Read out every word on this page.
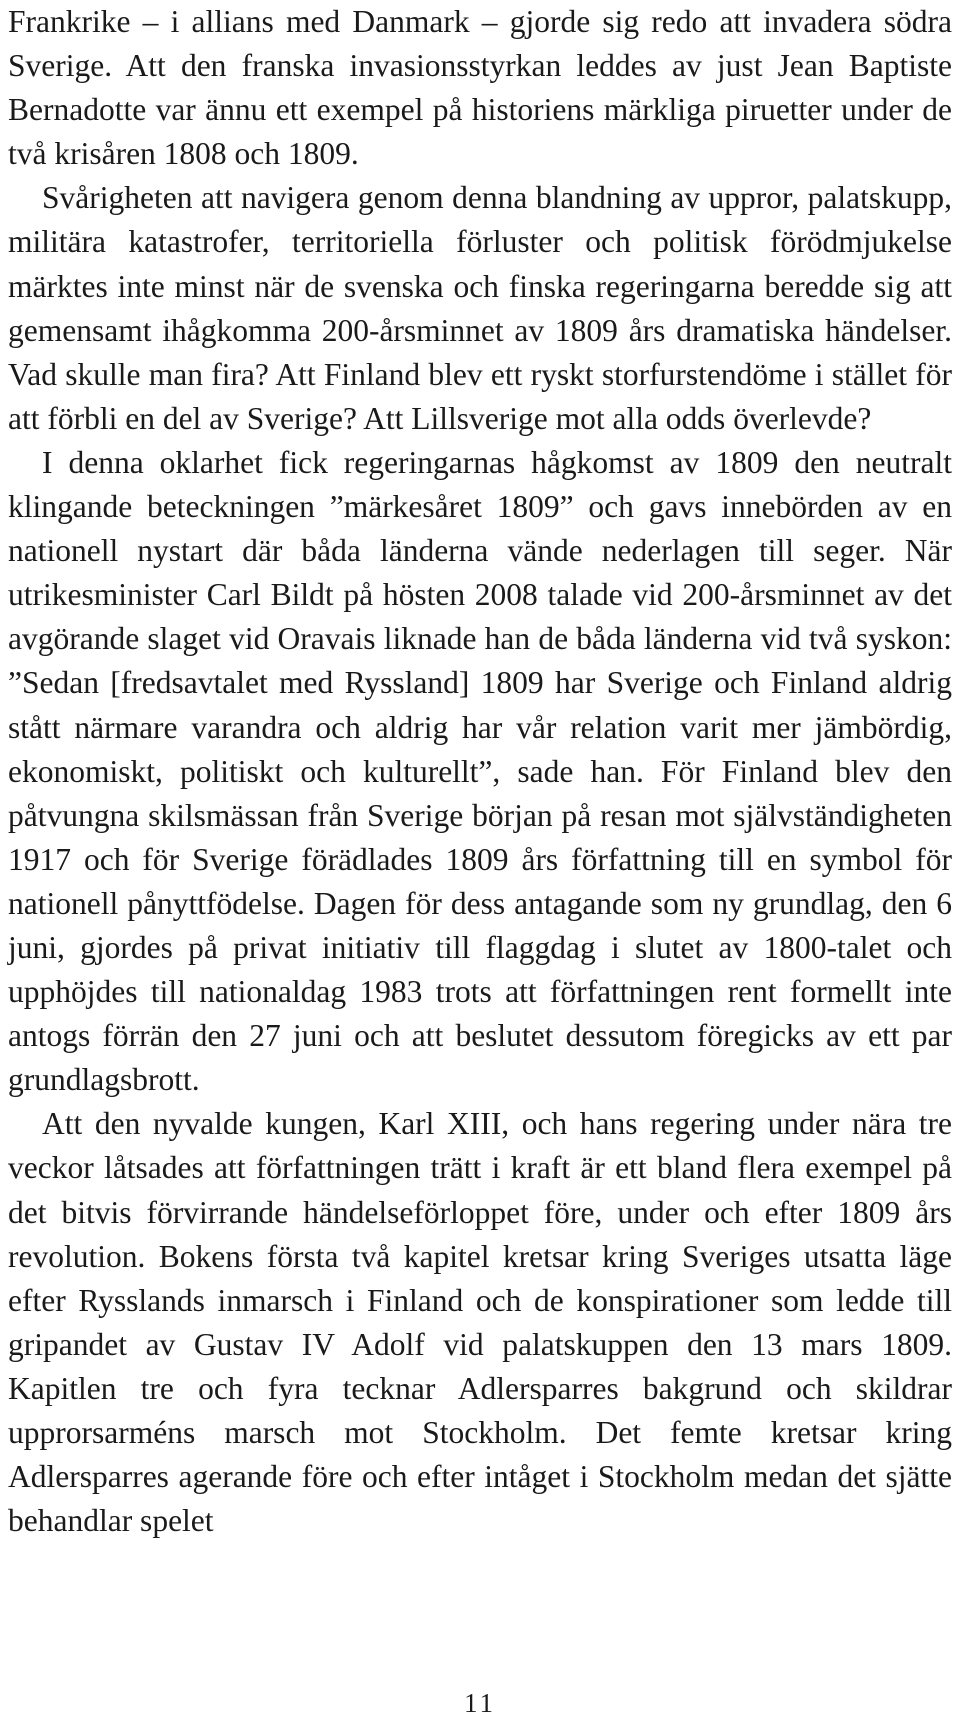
Frankrike – i allians med Danmark – gjorde sig redo att invadera södra Sverige. Att den franska invasionsstyrkan leddes av just Jean Baptiste Bernadotte var ännu ett exempel på historiens märkliga piruetter under de två krisåren 1808 och 1809.

Svårigheten att navigera genom denna blandning av uppror, palatskupp, militära katastrofer, territoriella förluster och politisk förödmjukelse märktes inte minst när de svenska och finska regeringarna beredde sig att gemensamt ihågkomma 200-årsminnet av 1809 års dramatiska händelser. Vad skulle man fira? Att Finland blev ett ryskt storfurstendöme i stället för att förbli en del av Sverige? Att Lillsverige mot alla odds överlevde?

I denna oklarhet fick regeringarnas hågkomst av 1809 den neutralt klingande beteckningen ”märkesåret 1809” och gavs innebörden av en nationell nystart där båda länderna vände nederlagen till seger. När utrikesminister Carl Bildt på hösten 2008 talade vid 200-årsminnet av det avgörande slaget vid Oravais liknade han de båda länderna vid två syskon: ”Sedan [fredsavtalet med Ryssland] 1809 har Sverige och Finland aldrig stått närmare varandra och aldrig har vår relation varit mer jämbördig, ekonomiskt, politiskt och kulturellt”, sade han. För Finland blev den påtvungna skilsmässan från Sverige början på resan mot självständigheten 1917 och för Sverige förädlades 1809 års författning till en symbol för nationell pånyttfödelse. Dagen för dess antagande som ny grundlag, den 6 juni, gjordes på privat initiativ till flaggdag i slutet av 1800-talet och upphöjdes till nationaldag 1983 trots att författningen rent formellt inte antogs förrän den 27 juni och att beslutet dessutom föregicks av ett par grundlagsbrott.

Att den nyvalde kungen, Karl XIII, och hans regering under nära tre veckor låtsades att författningen trätt i kraft är ett bland flera exempel på det bitvis förvirrande händelseförloppet före, under och efter 1809 års revolution. Bokens första två kapitel kretsar kring Sveriges utsatta läge efter Rysslands inmarsch i Finland och de konspirationer som ledde till gripandet av Gustav IV Adolf vid palatskuppen den 13 mars 1809. Kapitlen tre och fyra tecknar Adlersparres bakgrund och skildrar upprorsarméns marsch mot Stockholm. Det femte kretsar kring Adlersparres agerande före och efter intåget i Stockholm medan det sjätte behandlar spelet

11
